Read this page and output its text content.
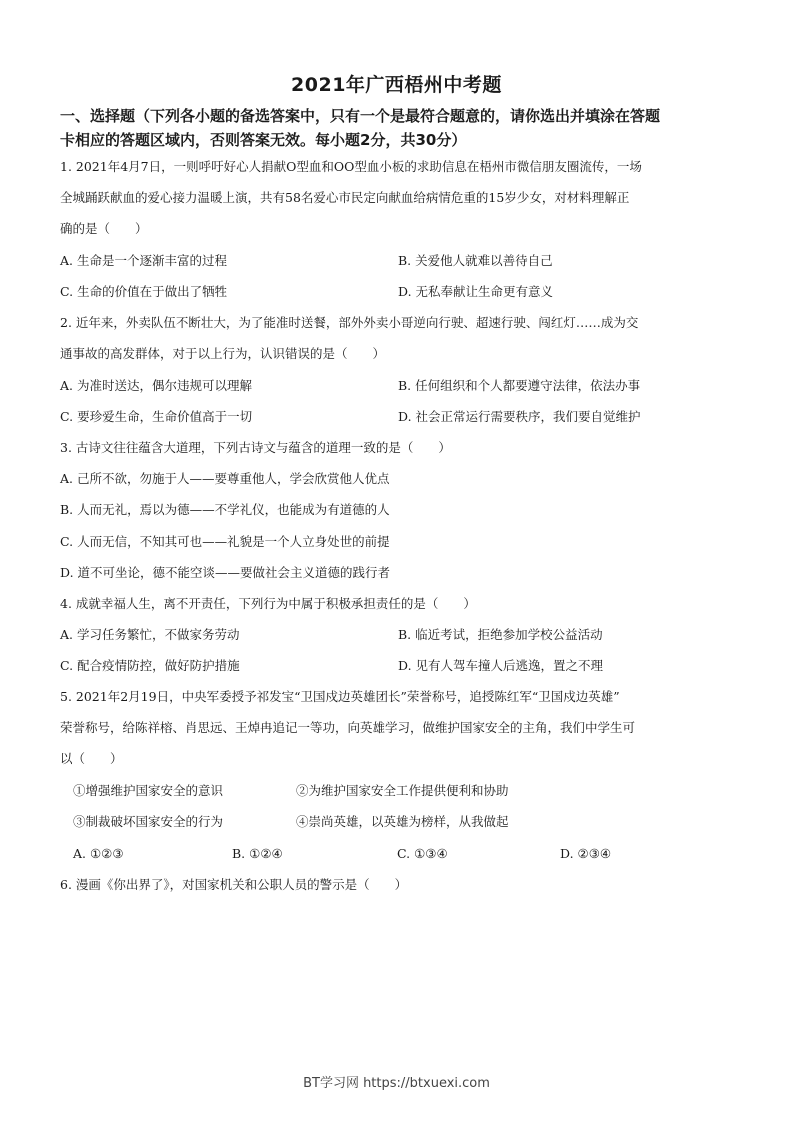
2021年广西梧州中考题
一、选择题（下列各小题的备选答案中，只有一个是最符合题意的，请你选出并填涂在答题
卡相应的答题区域内，否则答案无效。每小题2分，共30分）
1. 2021年4月7日，一则呼吁好心人捐献O型血和OO型血小板的求助信息在梧州市微信朋友圈流传，一场
全城踊跃献血的爱心接力温暖上演，共有58名爱心市民定向献血给病情危重的15岁少女，对材料理解正
确的是（　　）
A. 生命是一个逐渐丰富的过程	B. 关爱他人就难以善待自己
C. 生命的价值在于做出了牺牲	D. 无私奉献让生命更有意义
2. 近年来，外卖队伍不断壮大，为了能准时送餐，部外外卖小哥逆向行驶、超速行驶、闯红灯……成为交
通事故的高发群体，对于以上行为，认识错误的是（　　）
A. 为准时送达，偶尔违规可以理解	B. 任何组织和个人都要遵守法律，依法办事
C. 要珍爱生命，生命价值高于一切	D. 社会正常运行需要秩序，我们要自觉维护
3. 古诗文往往蕴含大道理，下列古诗文与蕴含的道理一致的是（　　）
A. 己所不欲，勿施于人——要尊重他人，学会欣赏他人优点
B. 人而无礼，焉以为德——不学礼仪，也能成为有道德的人
C. 人而无信，不知其可也——礼貌是一个人立身处世的前提
D. 道不可坐论，德不能空谈——要做社会主义道德的践行者
4. 成就幸福人生，离不开责任，下列行为中属于积极承担责任的是（　　）
A. 学习任务繁忙，不做家务劳动	B. 临近考试，拒绝参加学校公益活动
C. 配合疫情防控，做好防护措施	D. 见有人驾车撞人后逃逸，置之不理
5. 2021年2月19日，中央军委授予祁发宝“卫国戍边英雄团长”荣誉称号，追授陈红军“卫国戍边英雄”
荣誉称号，给陈祥榕、肖思远、王焯冉追记一等功，向英雄学习，做维护国家安全的主角，我们中学生可
以（　　）
①增强维护国家安全的意识	②为维护国家安全工作提供便利和协助
③制裁破坏国家安全的行为	④崇尚英雄，以英雄为榜样，从我做起
A. ①②③	B. ①②④	C. ①③④	D. ②③④
6. 漫画《你出界了》，对国家机关和公职人员的警示是（　　）
BT学习网 https://btxuexi.com
